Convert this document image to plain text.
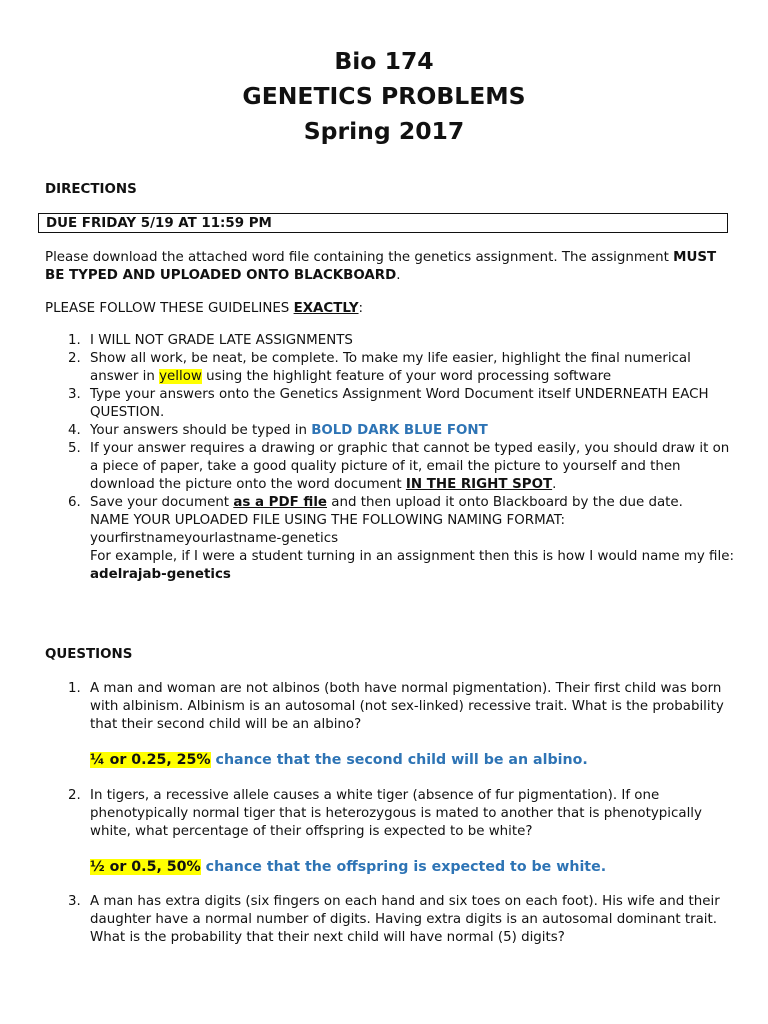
Bio 174
GENETICS PROBLEMS
Spring 2017
DIRECTIONS
DUE FRIDAY 5/19 AT 11:59 PM
Please download the attached word file containing the genetics assignment. The assignment MUST BE TYPED AND UPLOADED ONTO BLACKBOARD.
PLEASE FOLLOW THESE GUIDELINES EXACTLY:
1. I WILL NOT GRADE LATE ASSIGNMENTS
2. Show all work, be neat, be complete. To make my life easier, highlight the final numerical answer in yellow using the highlight feature of your word processing software
3. Type your answers onto the Genetics Assignment Word Document itself UNDERNEATH EACH QUESTION.
4. Your answers should be typed in BOLD DARK BLUE FONT
5. If your answer requires a drawing or graphic that cannot be typed easily, you should draw it on a piece of paper, take a good quality picture of it, email the picture to yourself and then download the picture onto the word document IN THE RIGHT SPOT.
6. Save your document as a PDF file and then upload it onto Blackboard by the due date.
NAME YOUR UPLOADED FILE USING THE FOLLOWING NAMING FORMAT:
yourfirstnameyourlastname-genetics
For example, if I were a student turning in an assignment then this is how I would name my file: adelrajab-genetics
QUESTIONS
1. A man and woman are not albinos (both have normal pigmentation). Their first child was born with albinism. Albinism is an autosomal (not sex-linked) recessive trait. What is the probability that their second child will be an albino?
¼ or 0.25, 25% chance that the second child will be an albino.
2. In tigers, a recessive allele causes a white tiger (absence of fur pigmentation). If one phenotypically normal tiger that is heterozygous is mated to another that is phenotypically white, what percentage of their offspring is expected to be white?
½ or 0.5, 50% chance that the offspring is expected to be white.
3. A man has extra digits (six fingers on each hand and six toes on each foot). His wife and their daughter have a normal number of digits. Having extra digits is an autosomal dominant trait. What is the probability that their next child will have normal (5) digits?
